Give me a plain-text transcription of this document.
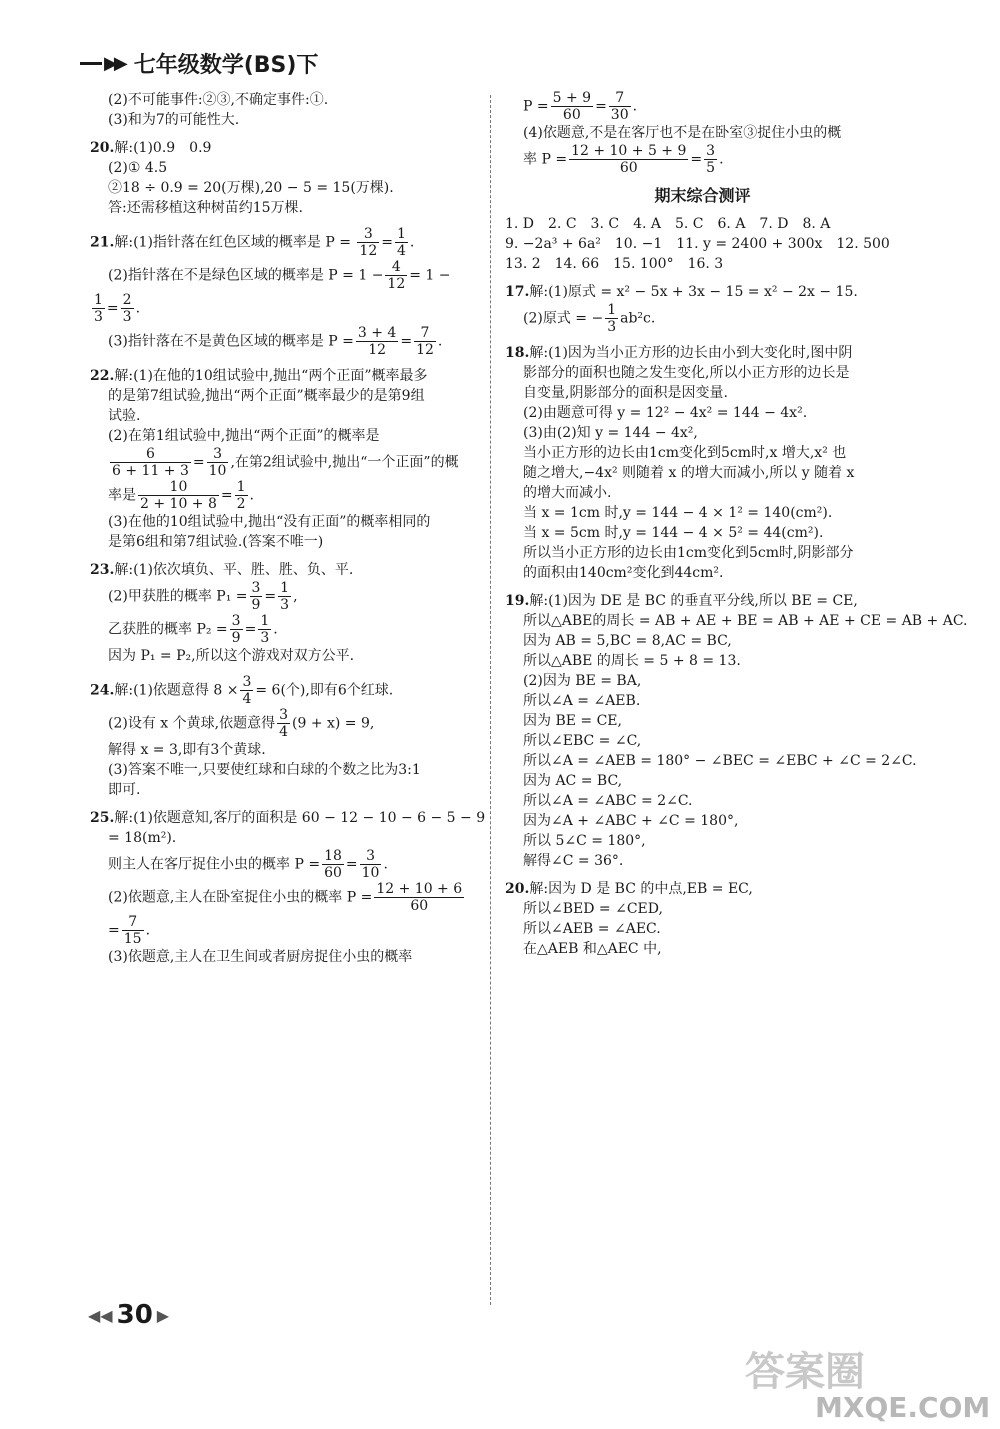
▶▶ 七年级数学(BS)下
(2)不可能事件:②③,不确定事件:①.
(3)和为7的可能性大.
20.解:(1)0.9　0.9
(2)① 4.5
②18 ÷ 0.9 = 20(万棵),20 − 5 = 15(万棵).
答:还需移植这种树苗约15万棵.
21.解:(1)指针落在红色区域的概率是 $P = \frac{3}{12} = \frac{1}{4}$ .
(2)指针落在不是绿色区域的概率是 $P = 1 - \frac{4}{12} = 1$ −
$\frac{1}{3} = \frac{2}{3}$ .
(3)指针落在不是黄色区域的概率是 $P = \frac{3 + 4}{12} = \frac{7}{12}$ .
22.解:(1)在他的10组试验中,抛出“两个正面”概率最多
的是第7组试验,抛出“两个正面”概率最少的是第9组
试验.
(2)在第1组试验中,抛出“两个正面”的概率是
$\frac{6}{6 + 11 + 3} = \frac{3}{10}$ ,在第2组试验中,抛出“一个正面”的概
率是 $\frac{10}{2 + 10 + 8} = \frac{1}{2}$ .
(3)在他的10组试验中,抛出“没有正面”的概率相同的
是第6组和第7组试验.(答案不唯一)
23.解:(1)依次填负、平、胜、胜、负、平.
(2)甲获胜的概率 $P_1 = \frac{3}{9} = \frac{1}{3}$ ,
乙获胜的概率 $P_2 = \frac{3}{9} = \frac{1}{3}$ .
因为 P₁ = P₂,所以这个游戏对双方公平.
24.解:(1)依题意得 $8 \times \frac{3}{4} = 6$(个),即有6个红球.
(2)设有 x 个黄球,依题意得 $\frac{3}{4} (9 + x) = 9$,
解得 x = 3,即有3个黄球.
(3)答案不唯一,只要使红球和白球的个数之比为3:1
即可.
25.解:(1)依题意知,客厅的面积是 60 − 12 − 10 − 6 − 5 − 9
= 18(m²).
则主人在客厅捉住小虫的概率 $P = \frac{18}{60} = \frac{3}{10}$ .
(2)依题意,主人在卧室捉住小虫的概率 $P = \frac{12 + 10 + 6}{60}$
= $\frac{7}{15}$ .
(3)依题意,主人在卫生间或者厨房捉住小虫的概率
$P = \frac{5 + 9}{60} = \frac{7}{30}$ .
(4)依题意,不是在客厅也不是在卧室③捉住小虫的概
率 $P = \frac{12 + 10 + 5 + 9}{60} = \frac{3}{5}$ .
期末综合测评
1. D　2. C　3. C　4. A　5. C　6. A　7. D　8. A
9. −2a³ + 6a²　10. −1　11. y = 2400 + 300x　12. 500
13. 2　14. 66　15. 100°　16. 3
17.解:(1)原式 = x² − 5x + 3x − 15 = x² − 2x − 15.
(2)原式 = − $\frac{1}{3} ab^2c$.
18.解:(1)因为当小正方形的边长由小到大变化时,图中阴
影部分的面积也随之发生变化,所以小正方形的边长是
自变量,阴影部分的面积是因变量.
(2)由题意可得 y = 12² − 4x² = 144 − 4x².
(3)由(2)知 y = 144 − 4x²,
当小正方形的边长由1cm变化到5cm时,x 增大,x² 也
随之增大,−4x² 则随着 x 的增大而减小,所以 y 随着 x
的增大而减小.
当 x = 1cm 时,y = 144 − 4 × 1² = 140(cm²).
当 x = 5cm 时,y = 144 − 4 × 5² = 44(cm²).
所以当小正方形的边长由1cm变化到5cm时,阴影部分
的面积由140cm²变化到44cm².
19.解:(1)因为 DE 是 BC 的垂直平分线,所以 BE = CE,
所以△ABE的周长 = AB + AE + BE = AB + AE + CE = AB + AC.
因为 AB = 5,BC = 8,AC = BC,
所以△ABE 的周长 = 5 + 8 = 13.
(2)因为 BE = BA,
所以∠A = ∠AEB.
因为 BE = CE,
所以∠EBC = ∠C,
所以∠A = ∠AEB = 180° − ∠BEC = ∠EBC + ∠C = 2∠C.
因为 AC = BC,
所以∠A = ∠ABC = 2∠C.
因为∠A + ∠ABC + ∠C = 180°,
所以 5∠C = 180°,
解得∠C = 36°.
20.解:因为 D 是 BC 的中点,EB = EC,
所以∠BED = ∠CED,
所以∠AEB = ∠AEC.
在△AEB 和△AEC 中,
◀◀ 30 ▶
答案圈
MXQE.COM
